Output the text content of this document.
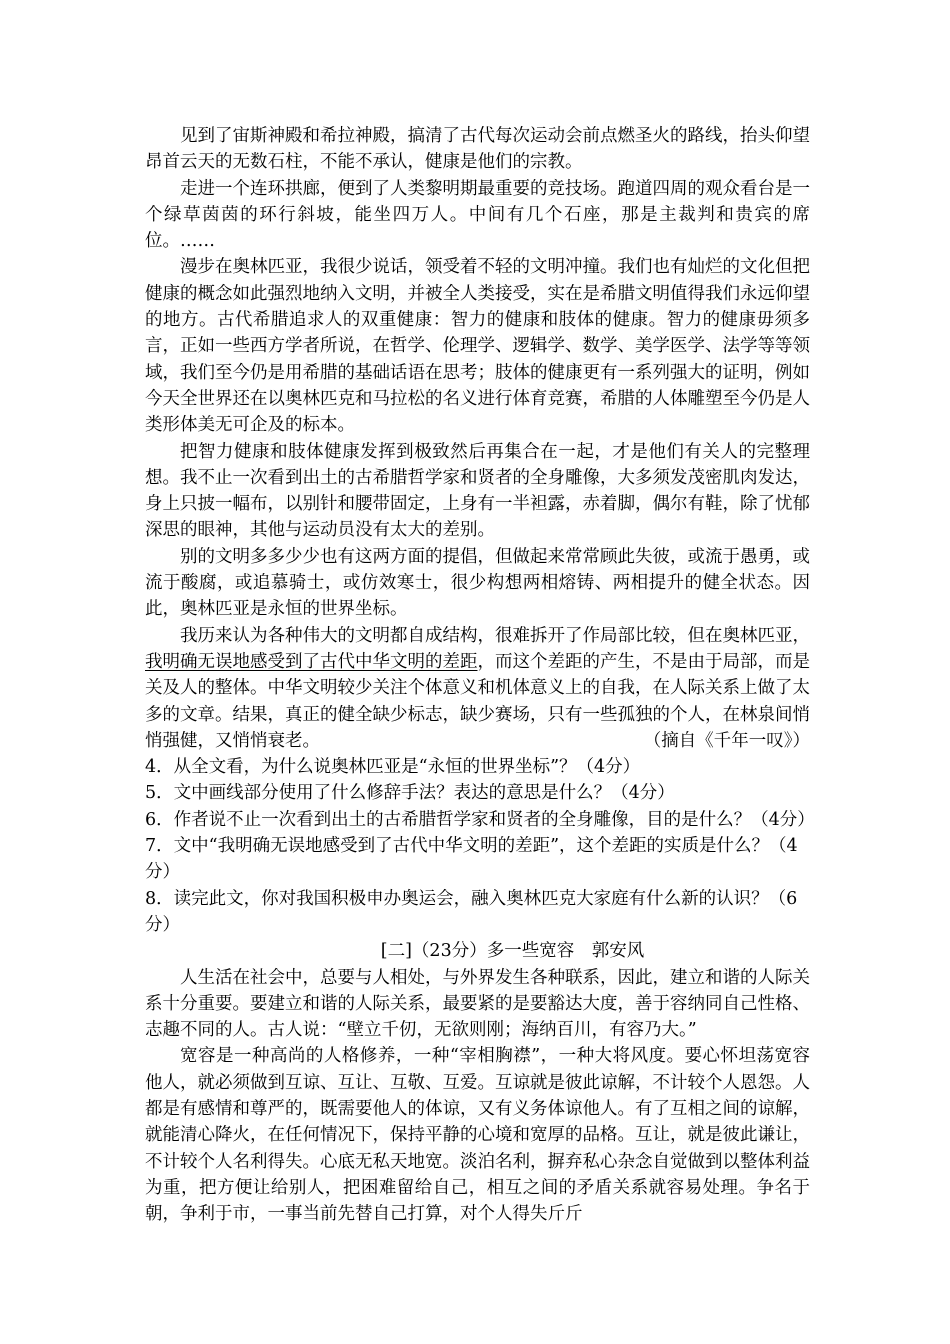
见到了宙斯神殿和希拉神殿，搞清了古代每次运动会前点燃圣火的路线，抬头仰望昂首云天的无数石柱，不能不承认，健康是他们的宗教。

走进一个连环拱廊，便到了人类黎明期最重要的竞技场。跑道四周的观众看台是一个绿草茵茵的环行斜坡，能坐四万人。中间有几个石座，那是主裁判和贵宾的席位。……

漫步在奥林匹亚，我很少说话，领受着不轻的文明冲撞。我们也有灿烂的文化但把健康的概念如此强烈地纳入文明，并被全人类接受，实在是希腊文明值得我们永远仰望的地方。古代希腊追求人的双重健康：智力的健康和肢体的健康。智力的健康毋须多言，正如一些西方学者所说，在哲学、伦理学、逻辑学、数学、美学医学、法学等等领域，我们至今仍是用希腊的基础话语在思考；肢体的健康更有一系列强大的证明，例如今天全世界还在以奥林匹克和马拉松的名义进行体育竞赛，希腊的人体雕塑至今仍是人类形体美无可企及的标本。

把智力健康和肢体健康发挥到极致然后再集合在一起，才是他们有关人的完整理想。我不止一次看到出土的古希腊哲学家和贤者的全身雕像，大多须发茂密肌肉发达，身上只披一幅布，以别针和腰带固定，上身有一半袒露，赤着脚，偶尔有鞋，除了忧郁深思的眼神，其他与运动员没有太大的差别。

别的文明多多少少也有这两方面的提倡，但做起来常常顾此失彼，或流于愚勇，或流于酸腐，或追慕骑士，或仿效寒士，很少构想两相熔铸、两相提升的健全状态。因此，奥林匹亚是永恒的世界坐标。

我历来认为各种伟大的文明都自成结构，很难拆开了作局部比较，但在奥林匹亚，我明确无误地感受到了古代中华文明的差距，而这个差距的产生，不是由于局部，而是关及人的整体。中华文明较少关注个体意义和机体意义上的自我，在人际关系上做了太多的文章。结果，真正的健全缺少标志，缺少赛场，只有一些孤独的个人，在林泉间悄悄强健，又悄悄衰老。	（摘自《千年一叹》）

4．从全文看，为什么说奥林匹亚是“永恒的世界坐标”？（4分）

5．文中画线部分使用了什么修辞手法？表达的意思是什么？（4分）

6．作者说不止一次看到出土的古希腊哲学家和贤者的全身雕像，目的是什么？（4分）

7．文中“我明确无误地感受到了古代中华文明的差距”，这个差距的实质是什么？（4分）

8．读完此文，你对我国积极申办奥运会，融入奥林匹克大家庭有什么新的认识？（6分）

[二]（23分）多一些宽容　郭安风

人生活在社会中，总要与人相处，与外界发生各种联系，因此，建立和谐的人际关系十分重要。要建立和谐的人际关系，最要紧的是要豁达大度，善于容纳同自己性格、志趣不同的人。古人说：“壁立千仞，无欲则刚；海纳百川，有容乃大。”

宽容是一种高尚的人格修养，一种“宰相胸襟”，一种大将风度。要心怀坦荡宽容他人，就必须做到互谅、互让、互敬、互爱。互谅就是彼此谅解，不计较个人恩怨。人都是有感情和尊严的，既需要他人的体谅，又有义务体谅他人。有了互相之间的谅解，就能清心降火，在任何情况下，保持平静的心境和宽厚的品格。互让，就是彼此谦让，不计较个人名利得失。心底无私天地宽。淡泊名利，摒弃私心杂念自觉做到以整体利益为重，把方便让给别人，把困难留给自己，相互之间的矛盾关系就容易处理。争名于朝，争利于市，一事当前先替自己打算，对个人得失斤斤
